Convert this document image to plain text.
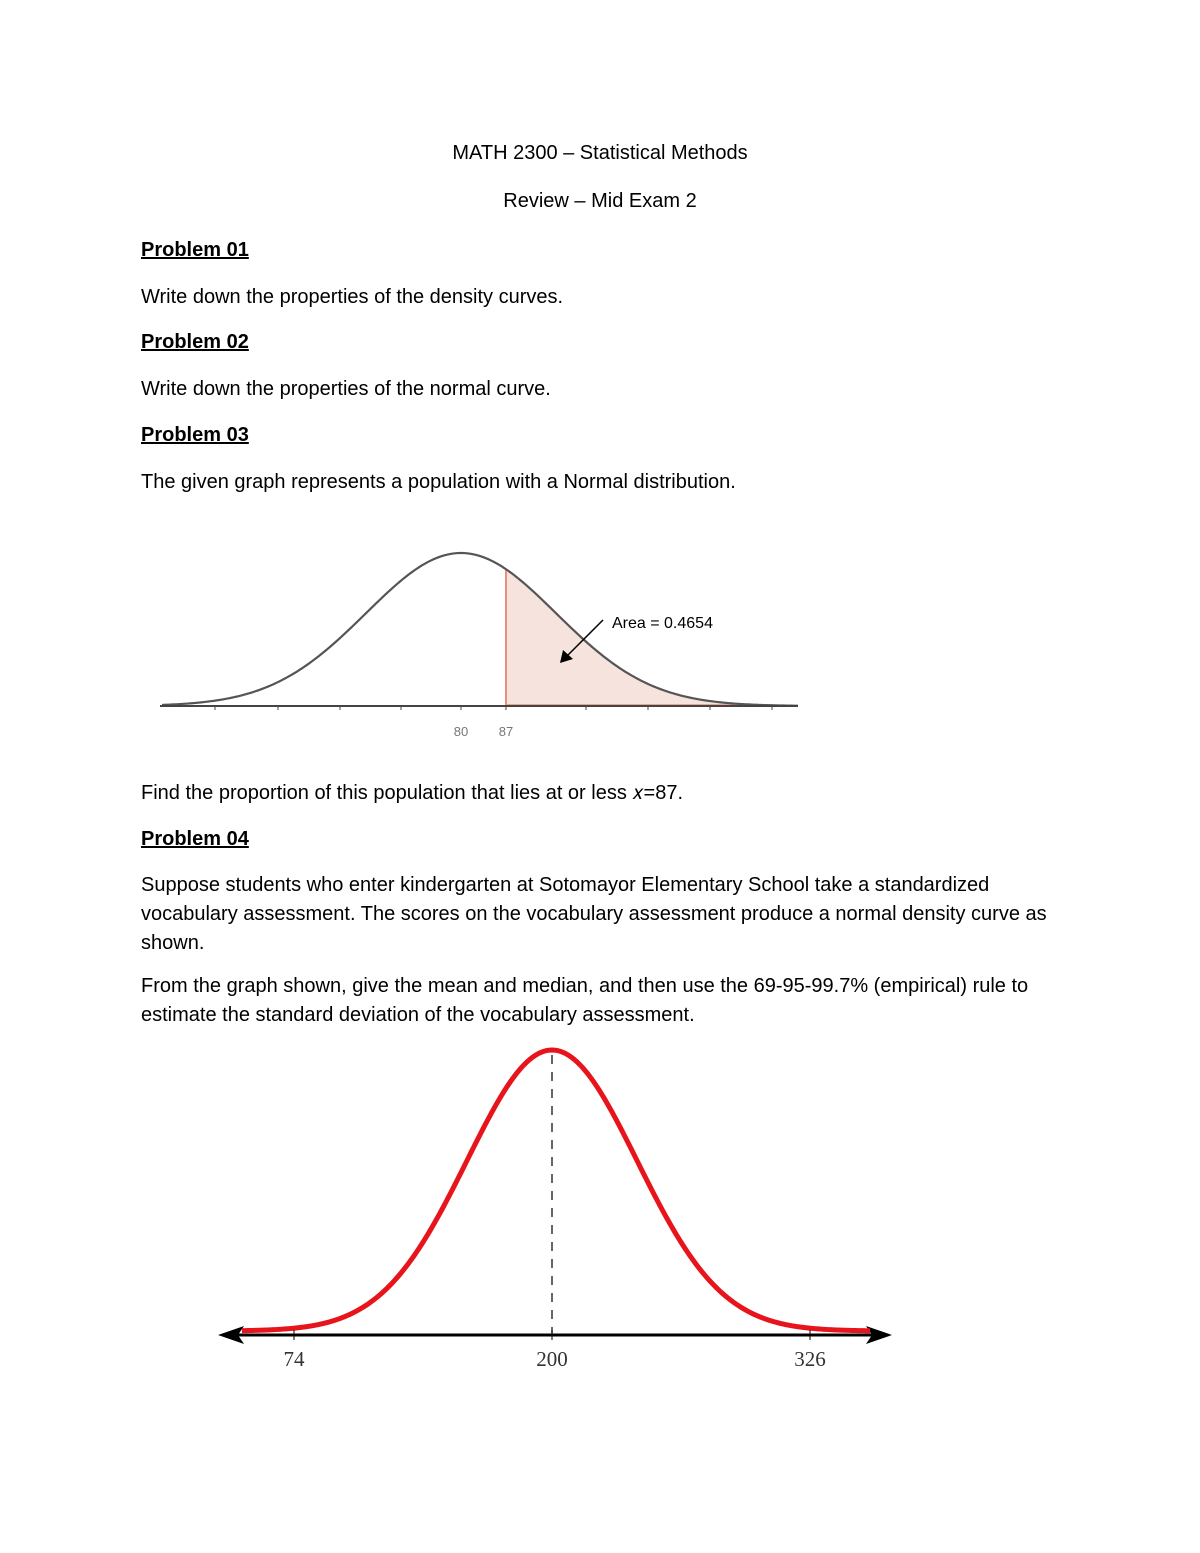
MATH 2300 – Statistical Methods
Review – Mid Exam 2
Problem 01
Write down the properties of the density curves.
Problem 02
Write down the properties of the normal curve.
Problem 03
The given graph represents a population with a Normal distribution.
80 87
Area = 0.4654
Find the proportion of this population that lies at or less 𝑥=87.
Problem 04
Suppose students who enter kindergarten at Sotomayor Elementary School take a standardized vocabulary assessment. The scores on the vocabulary assessment produce a normal density curve as shown.
From the graph shown, give the mean and median, and then use the 69-95-99.7% (empirical) rule to estimate the standard deviation of the vocabulary assessment.
74	200	326
